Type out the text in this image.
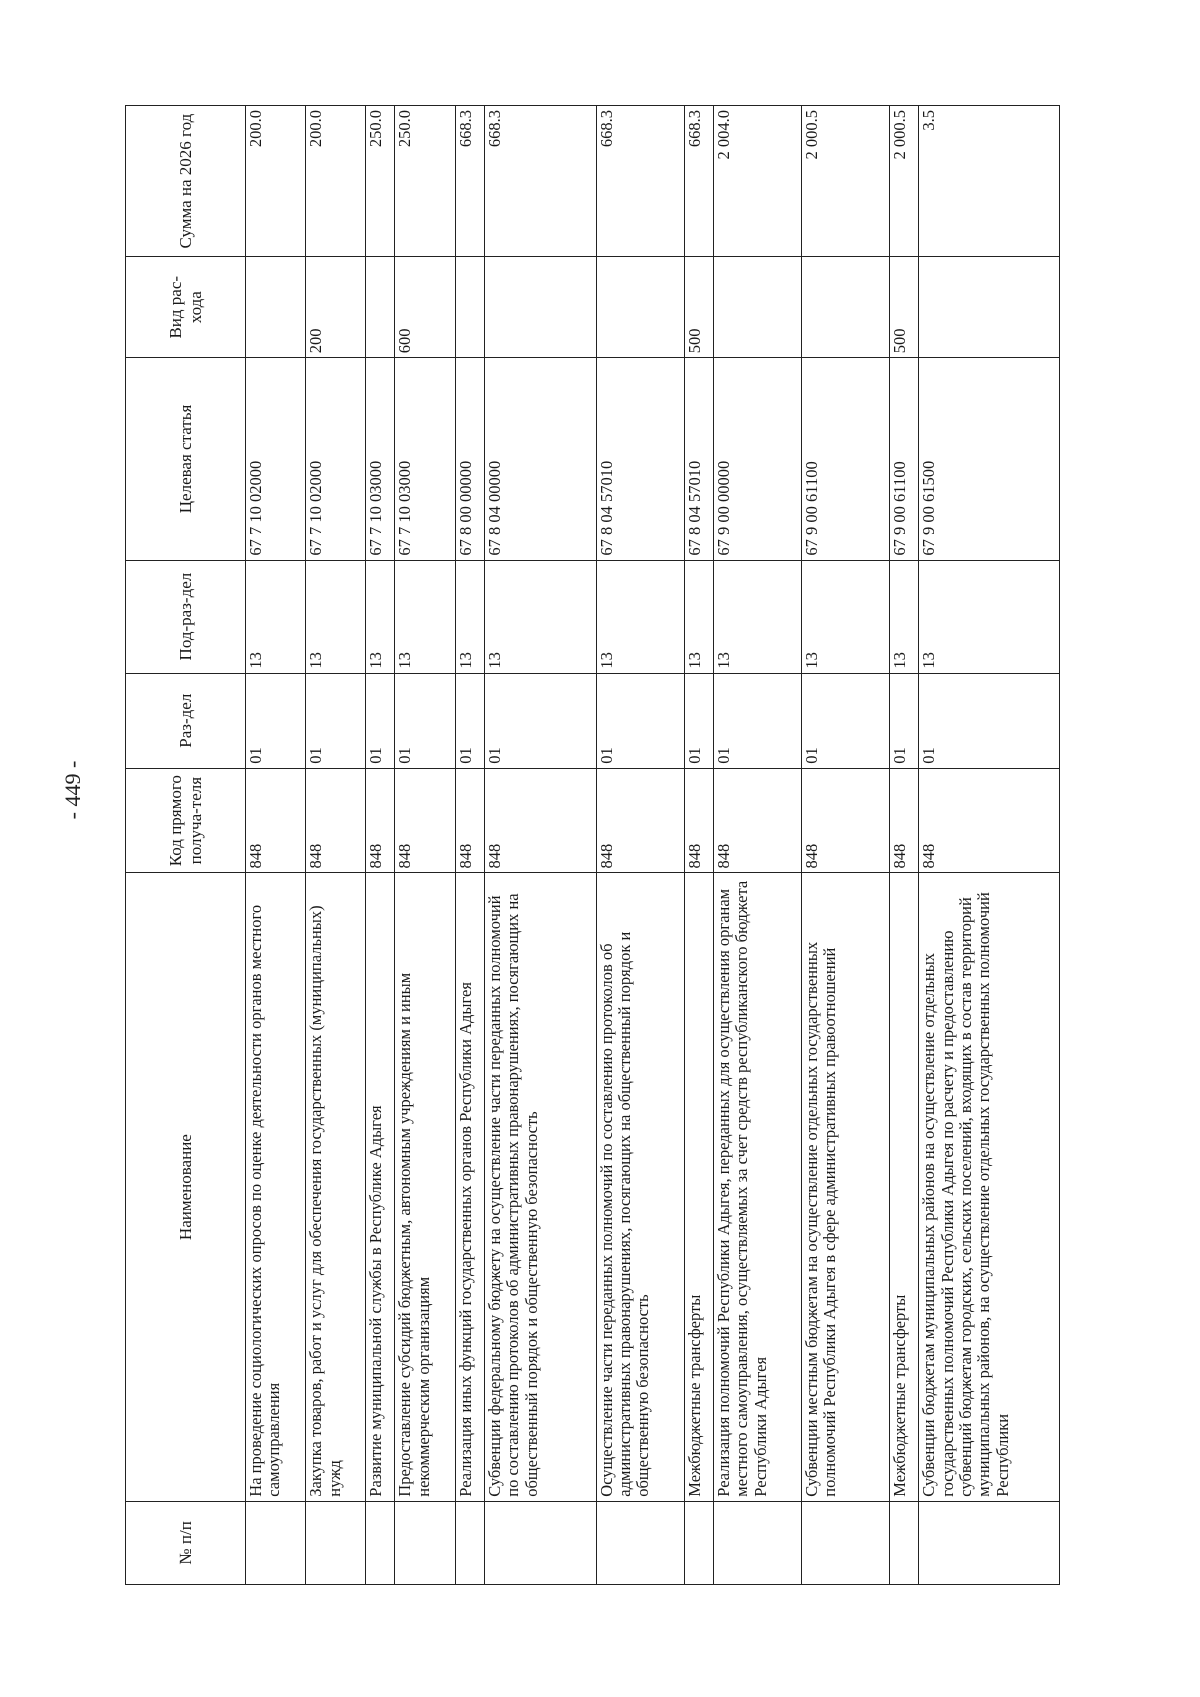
- 449 -
№ п/п	Наименование	Код прямого получа-теля	Раз-дел	Под-раз-дел	Целевая статья	Вид рас-хода	Сумма на 2026 год
	На проведение социологических опросов по оценке деятельности органов местного самоуправления	848	01	13	67 7 10 02000		200.0
	Закупка товаров, работ и услуг для обеспечения государственных (муниципальных) нужд	848	01	13	67 7 10 02000	200	200.0
	Развитие муниципальной службы в Республике Адыгея	848	01	13	67 7 10 03000		250.0
	Предоставление субсидий бюджетным, автономным учреждениям и иным некоммерческим организациям	848	01	13	67 7 10 03000	600	250.0
	Реализация иных функций государственных органов Республики Адыгея	848	01	13	67 8 00 00000		668.3
	Субвенции федеральному бюджету на осуществление части переданных полномочий по составлению протоколов об административных правонарушениях, посягающих на общественный порядок и общественную безопасность	848	01	13	67 8 04 00000		668.3
	Осуществление части переданных полномочий по составлению протоколов об административных правонарушениях, посягающих на общественный порядок и общественную безопасность	848	01	13	67 8 04 57010		668.3
	Межбюджетные трансферты	848	01	13	67 8 04 57010	500	668.3
	Реализация полномочий Республики Адыгея, переданных для осуществления органам местного самоуправления, осуществляемых за счет средств республиканского бюджета Республики Адыгея	848	01	13	67 9 00 00000		2 004.0
	Субвенции местным бюджетам на осуществление отдельных государственных полномочий Республики Адыгея в сфере административных правоотношений	848	01	13	67 9 00 61100		2 000.5
	Межбюджетные трансферты	848	01	13	67 9 00 61100	500	2 000.5
	Субвенции бюджетам муниципальных районов на осуществление отдельных государственных полномочий Республики Адыгея по расчету и предоставлению субвенций бюджетам городских, сельских поселений, входящих в состав территорий муниципальных районов, на осуществление отдельных государственных полномочий Республики	848	01	13	67 9 00 61500		3.5
